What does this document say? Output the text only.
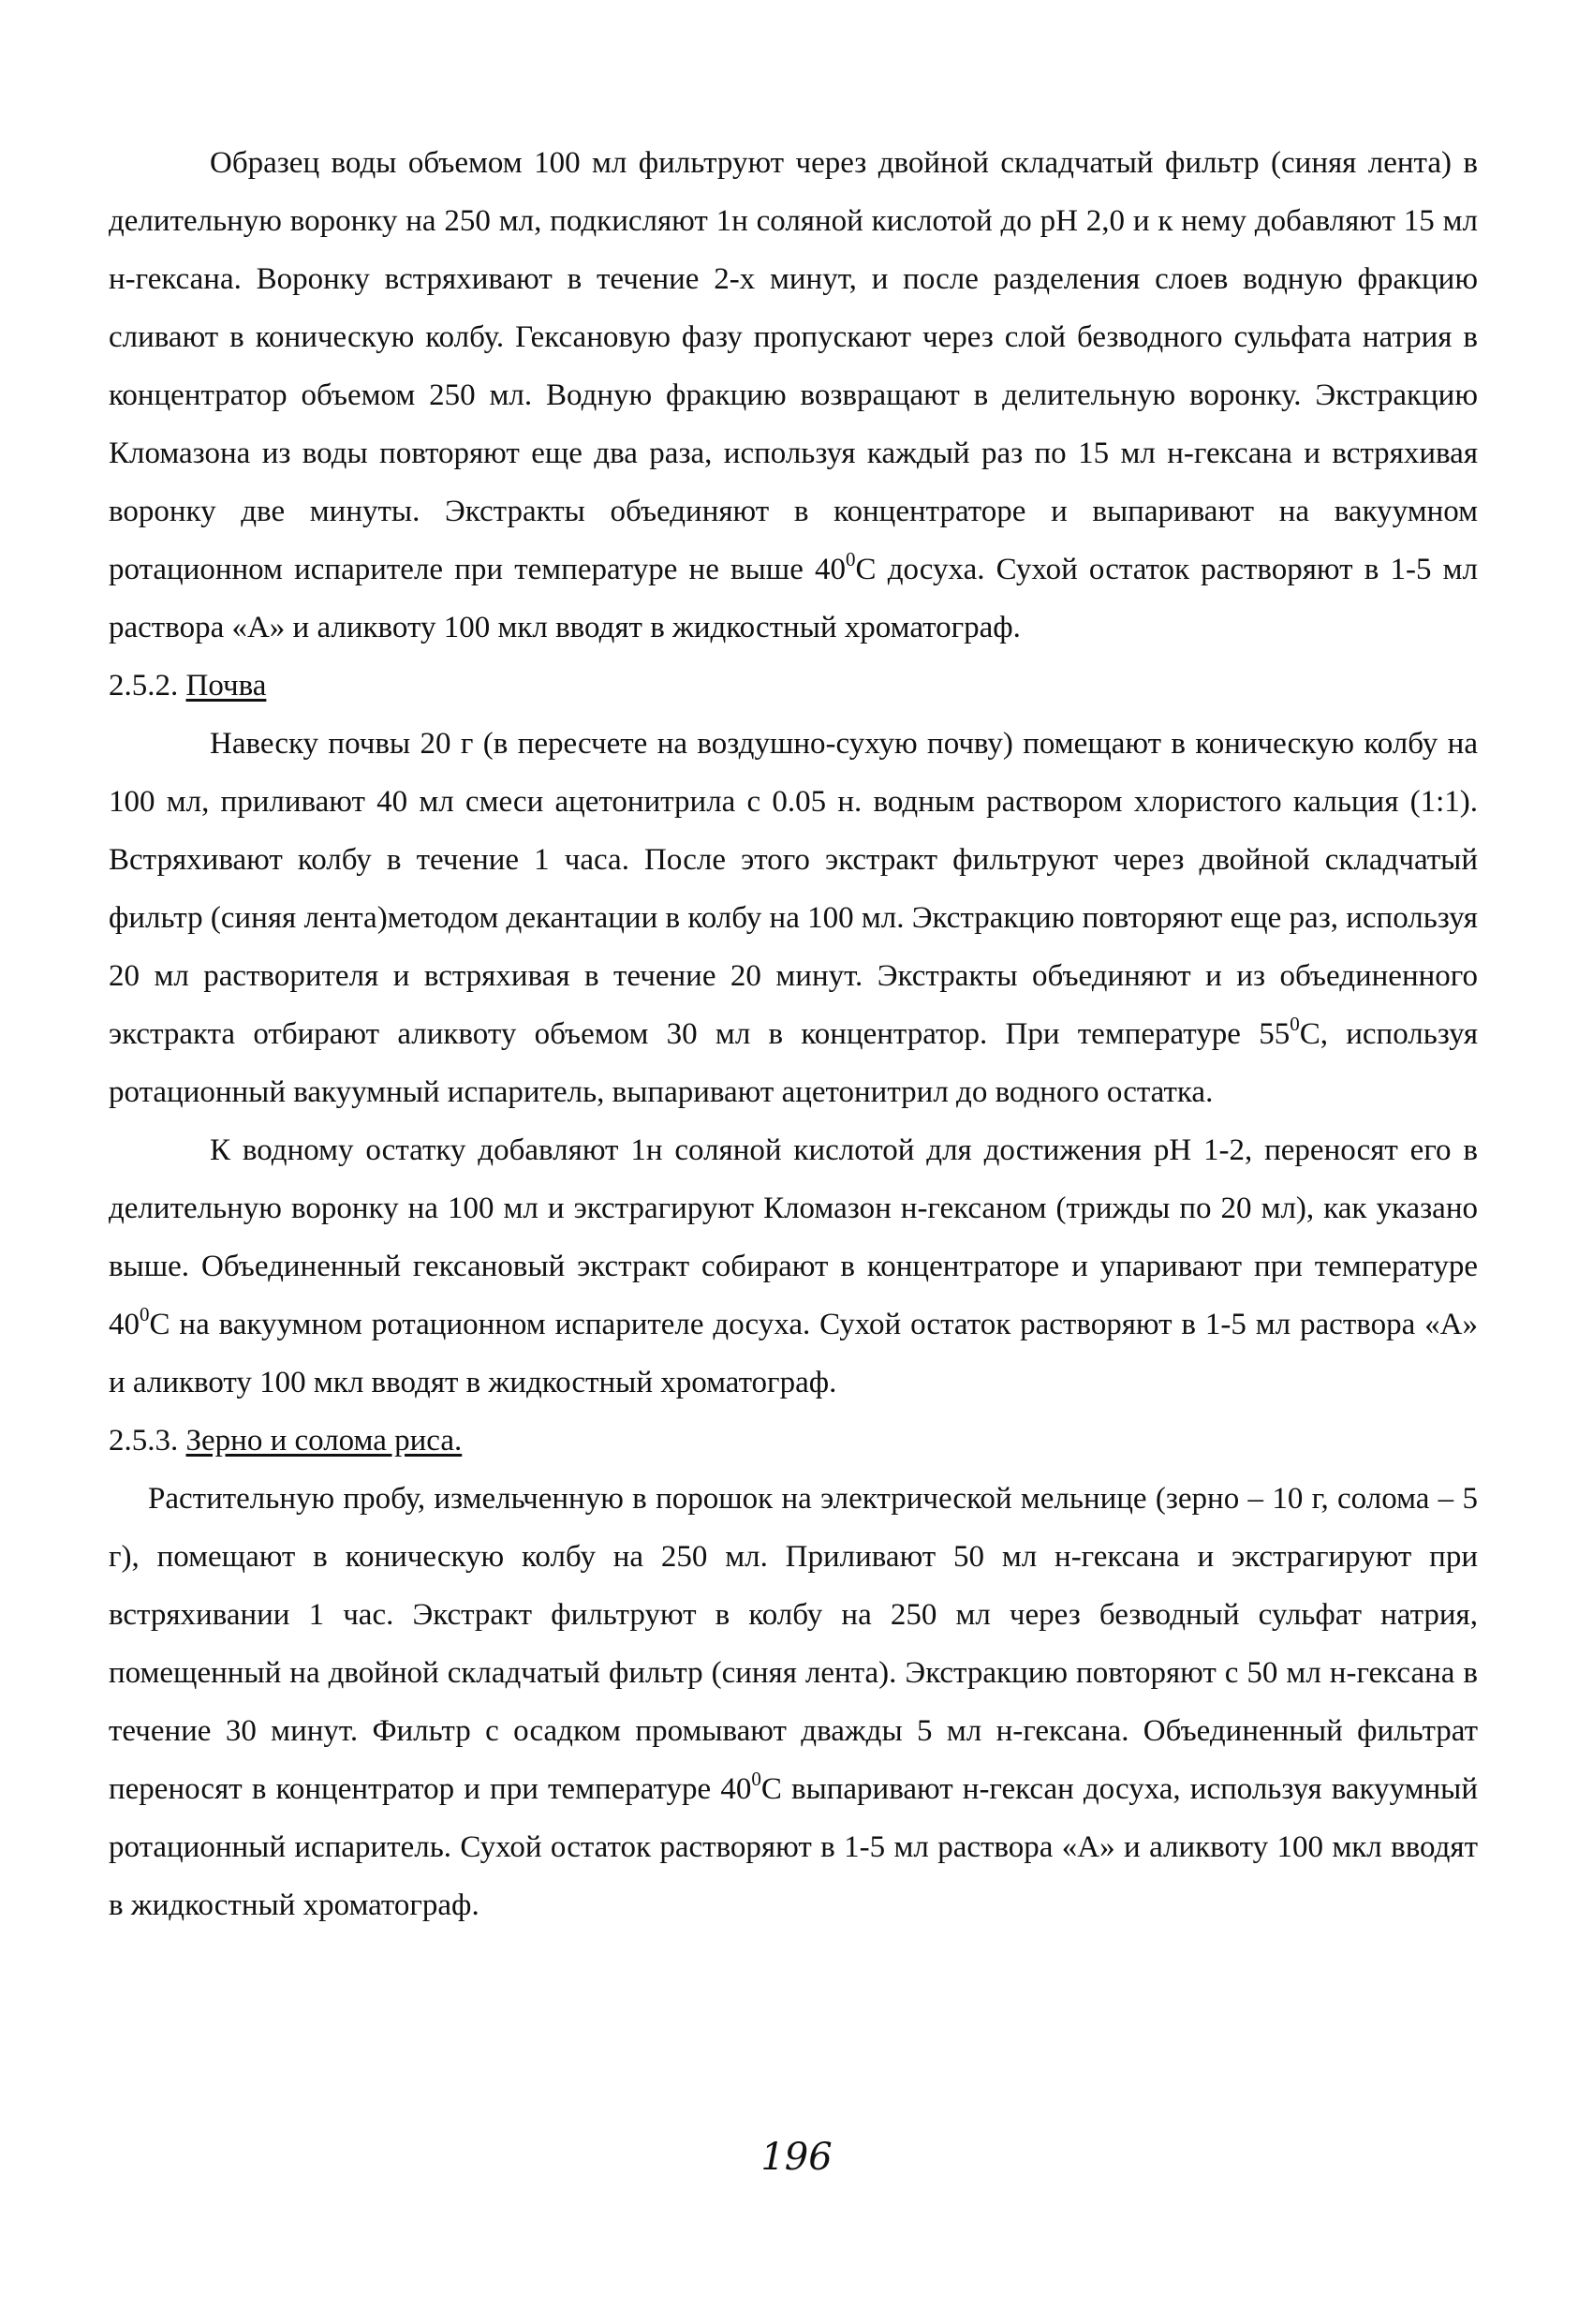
Образец воды объемом 100 мл фильтруют через двойной складчатый фильтр (синяя лента) в делительную воронку на 250 мл, подкисляют 1н соляной кислотой до рН 2,0 и к нему добавляют 15 мл н-гексана. Воронку встряхивают в течение 2-х минут, и после разделения слоев водную фракцию сливают в коническую колбу. Гексановую фазу пропускают через слой безводного сульфата натрия в концентратор объемом 250 мл. Водную фракцию возвращают в делительную воронку. Экстракцию Кломазона из воды повторяют еще два раза, используя каждый раз по 15 мл н-гексана и встряхивая воронку две минуты. Экстракты объединяют в концентраторе и выпаривают на вакуумном ротационном испарителе при температуре не выше $40^0С$ досуха. Сухой остаток растворяют в 1-5 мл раствора «А» и аликвоту 100 мкл вводят в жидкостный хроматограф.

2.5.2. Почва

Навеску почвы 20 г (в пересчете на воздушно-сухую почву) помещают в коническую колбу на 100 мл, приливают 40 мл смеси ацетонитрила с 0.05 н. водным раствором хлористого кальция (1:1). Встряхивают колбу в течение 1 часа. После этого экстракт фильтруют через двойной складчатый фильтр (синяя лента)методом декантации в колбу на 100 мл. Экстракцию повторяют еще раз, используя 20 мл растворителя и встряхивая в течение 20 минут. Экстракты объединяют и из объединенного экстракта отбирают аликвоту объемом 30 мл в концентратор. При температуре $55^0С$, используя ротационный вакуумный испаритель, выпаривают ацетонитрил до водного остатка.

К водному остатку добавляют 1н соляной кислотой для достижения рН 1-2, переносят его в делительную воронку на 100 мл и экстрагируют Кломазон н-гексаном (трижды по 20 мл), как указано выше. Объединенный гексановый экстракт собирают в концентраторе и упаривают при температуре $40^0С$ на вакуумном ротационном испарителе досуха. Сухой остаток растворяют в 1-5 мл раствора «А» и аликвоту 100 мкл вводят в жидкостный хроматограф.

2.5.3. Зерно и солома риса.

Растительную пробу, измельченную в порошок на электрической мельнице (зерно – 10 г, солома – 5 г), помещают в коническую колбу на 250 мл. Приливают 50 мл н-гексана и экстрагируют при встряхивании 1 час. Экстракт фильтруют в колбу на 250 мл через безводный сульфат натрия, помещенный на двойной складчатый фильтр (синяя лента). Экстракцию повторяют с 50 мл н-гексана в течение 30 минут. Фильтр с осадком промывают дважды 5 мл н-гексана. Объединенный фильтрат переносят в концентратор и при температуре $40^0С$ выпаривают н-гексан досуха, используя вакуумный ротационный испаритель. Сухой остаток растворяют в 1-5 мл раствора «А» и аликвоту 100 мкл вводят в жидкостный хроматограф.

196
